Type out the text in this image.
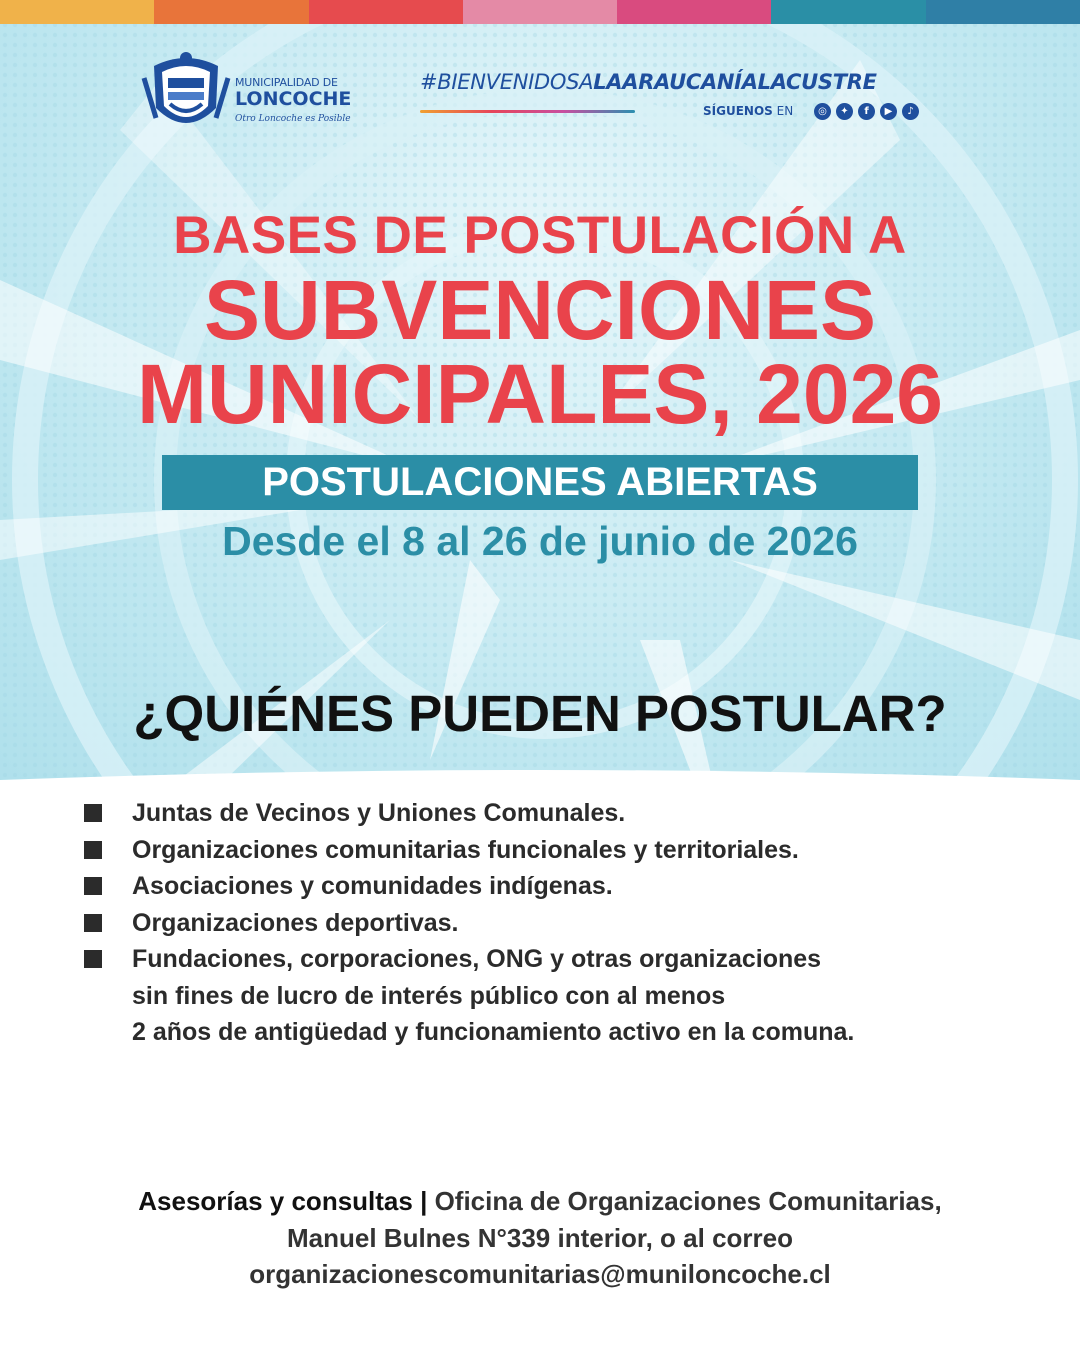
MUNICIPALIDAD DE
LONCOCHE
Otro Loncoche es Posible
#BIENVENIDOSALAARAUCANÍALACUSTRE
SÍGUENOS EN	◎	✦	f	▶	♪
BASES DE POSTULACIÓN A
SUBVENCIONES
MUNICIPALES, 2026
POSTULACIONES ABIERTAS
Desde el 8 al 26 de junio de 2026
¿QUIÉNES PUEDEN POSTULAR?
Juntas de Vecinos y Uniones Comunales.
Organizaciones comunitarias funcionales y territoriales.
Asociaciones y comunidades indígenas.
Organizaciones deportivas.
Fundaciones, corporaciones, ONG y otras organizaciones
sin fines de lucro de interés público con al menos
2 años de antigüedad y funcionamiento activo en la comuna.
Asesorías y consultas | Oficina de Organizaciones Comunitarias,
Manuel Bulnes N°339 interior, o al correo
organizacionescomunitarias@muniloncoche.cl
